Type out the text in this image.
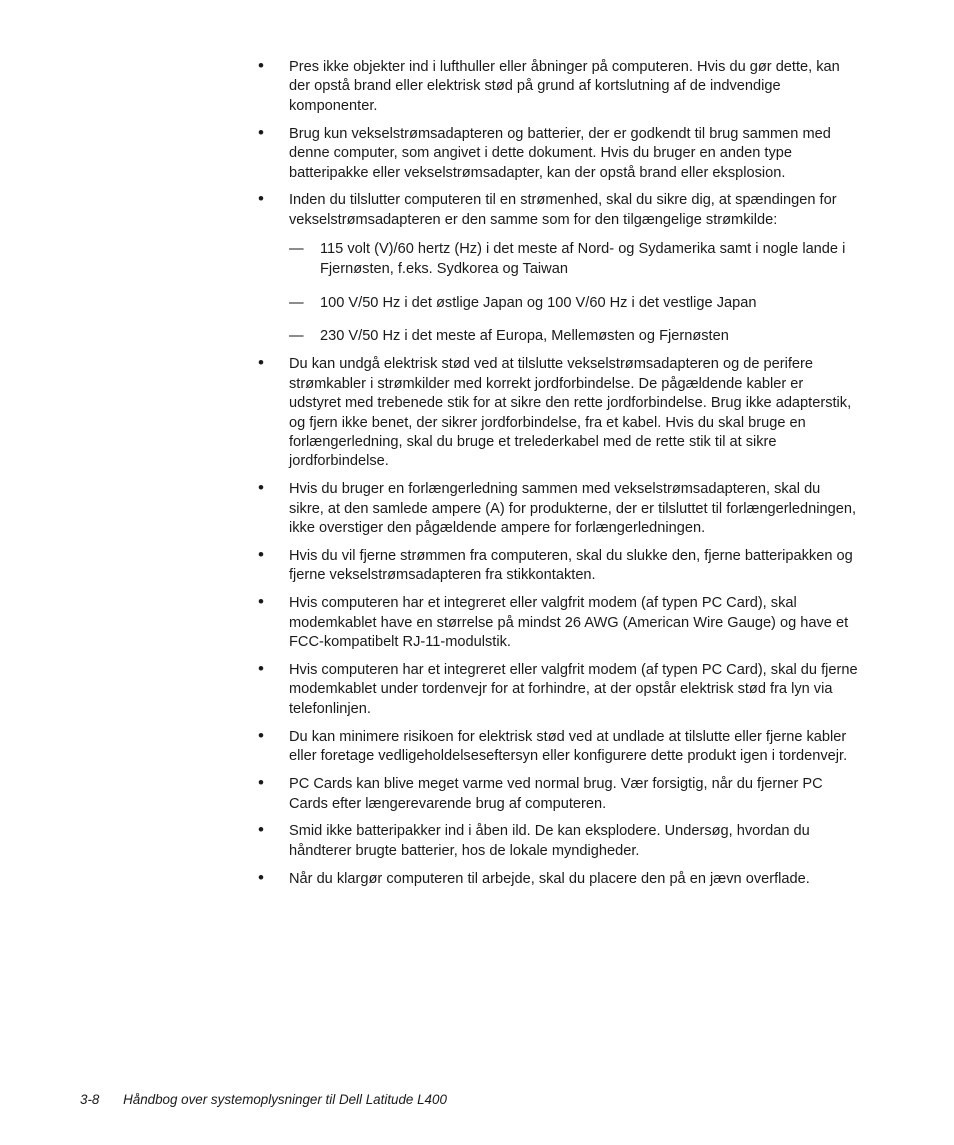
• Pres ikke objekter ind i lufthuller eller åbninger på computeren. Hvis du gør dette, kan der opstå brand eller elektrisk stød på grund af kortslutning af de indvendige komponenter.
• Brug kun vekselstrømsadapteren og batterier, der er godkendt til brug sammen med denne computer, som angivet i dette dokument. Hvis du bruger en anden type batteripakke eller vekselstrømsadapter, kan der opstå brand eller eksplosion.
• Inden du tilslutter computeren til en strømenhed, skal du sikre dig, at spændingen for vekselstrømsadapteren er den samme som for den tilgængelige strømkilde:
— 115 volt (V)/60 hertz (Hz) i det meste af Nord- og Sydamerika samt i nogle lande i Fjernøsten, f.eks. Sydkorea og Taiwan
— 100 V/50 Hz i det østlige Japan og 100 V/60 Hz i det vestlige Japan
— 230 V/50 Hz i det meste af Europa, Mellemøsten og Fjernøsten
• Du kan undgå elektrisk stød ved at tilslutte vekselstrømsadapteren og de perifere strømkabler i strømkilder med korrekt jordforbindelse. De pågældende kabler er udstyret med trebenede stik for at sikre den rette jordforbindelse. Brug ikke adapterstik, og fjern ikke benet, der sikrer jordforbindelse, fra et kabel. Hvis du skal bruge en forlængerledning, skal du bruge et trelederkabel med de rette stik til at sikre jordforbindelse.
• Hvis du bruger en forlængerledning sammen med vekselstrømsadapteren, skal du sikre, at den samlede ampere (A) for produkterne, der er tilsluttet til forlængerledningen, ikke overstiger den pågældende ampere for forlængerledningen.
• Hvis du vil fjerne strømmen fra computeren, skal du slukke den, fjerne batteripakken og fjerne vekselstrømsadapteren fra stikkontakten.
• Hvis computeren har et integreret eller valgfrit modem (af typen PC Card), skal modemkablet have en størrelse på mindst 26 AWG (American Wire Gauge) og have et FCC-kompatibelt RJ-11-modulstik.
• Hvis computeren har et integreret eller valgfrit modem (af typen PC Card), skal du fjerne modemkablet under tordenvejr for at forhindre, at der opstår elektrisk stød fra lyn via telefonlinjen.
• Du kan minimere risikoen for elektrisk stød ved at undlade at tilslutte eller fjerne kabler eller foretage vedligeholdelseseftersyn eller konfigurere dette produkt igen i tordenvejr.
• PC Cards kan blive meget varme ved normal brug. Vær forsigtig, når du fjerner PC Cards efter længerevarende brug af computeren.
• Smid ikke batteripakker ind i åben ild. De kan eksplodere. Undersøg, hvordan du håndterer brugte batterier, hos de lokale myndigheder.
• Når du klargør computeren til arbejde, skal du placere den på en jævn overflade.
3-8 Håndbog over systemoplysninger til Dell Latitude L400
